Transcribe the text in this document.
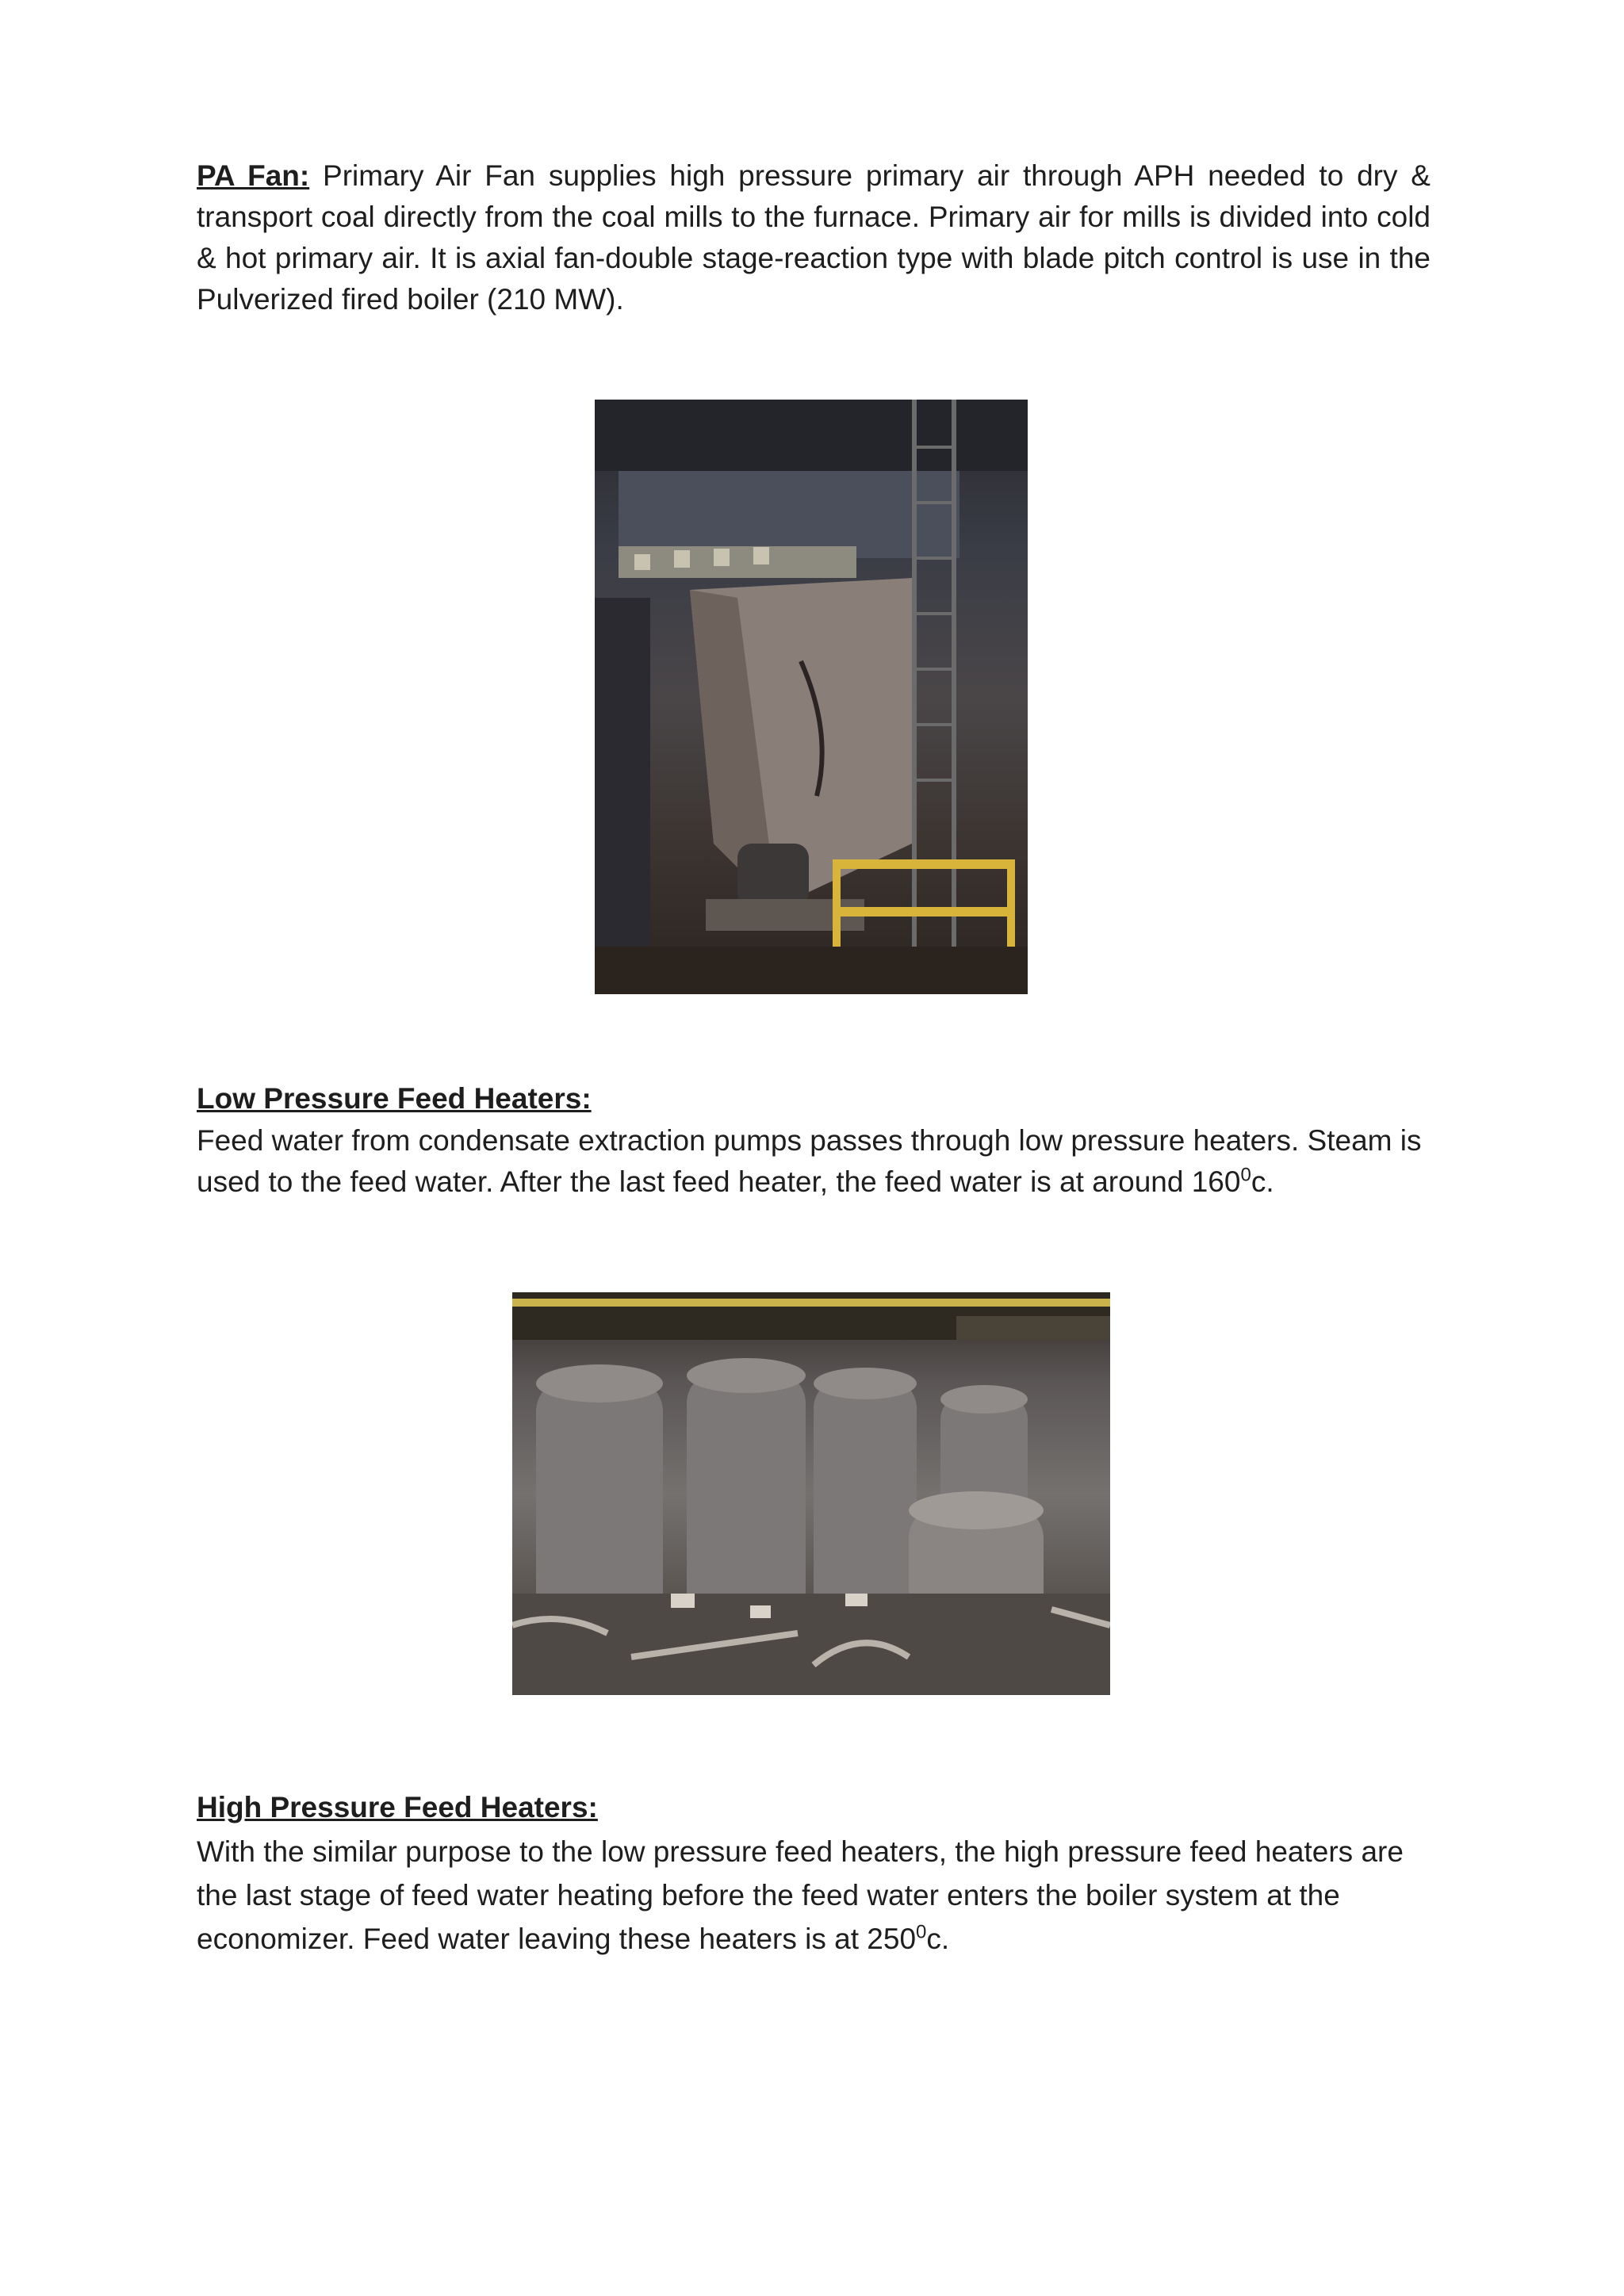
PA Fan: Primary Air Fan supplies high pressure primary air through APH needed to dry & transport coal directly from the coal mills to the furnace. Primary air for mills is divided into cold & hot primary air. It is axial fan-double stage-reaction type with blade pitch control is use in the Pulverized fired boiler (210 MW).
Low Pressure Feed Heaters:
Feed water from condensate extraction pumps passes through low pressure heaters. Steam is used to the feed water. After the last feed heater, the feed water is at around $160^0c$.
High Pressure Feed Heaters:
With the similar purpose to the low pressure feed heaters, the high pressure feed heaters are the last stage of feed water heating before the feed water enters the boiler system at the economizer. Feed water leaving these heaters is at $250^0c$.
